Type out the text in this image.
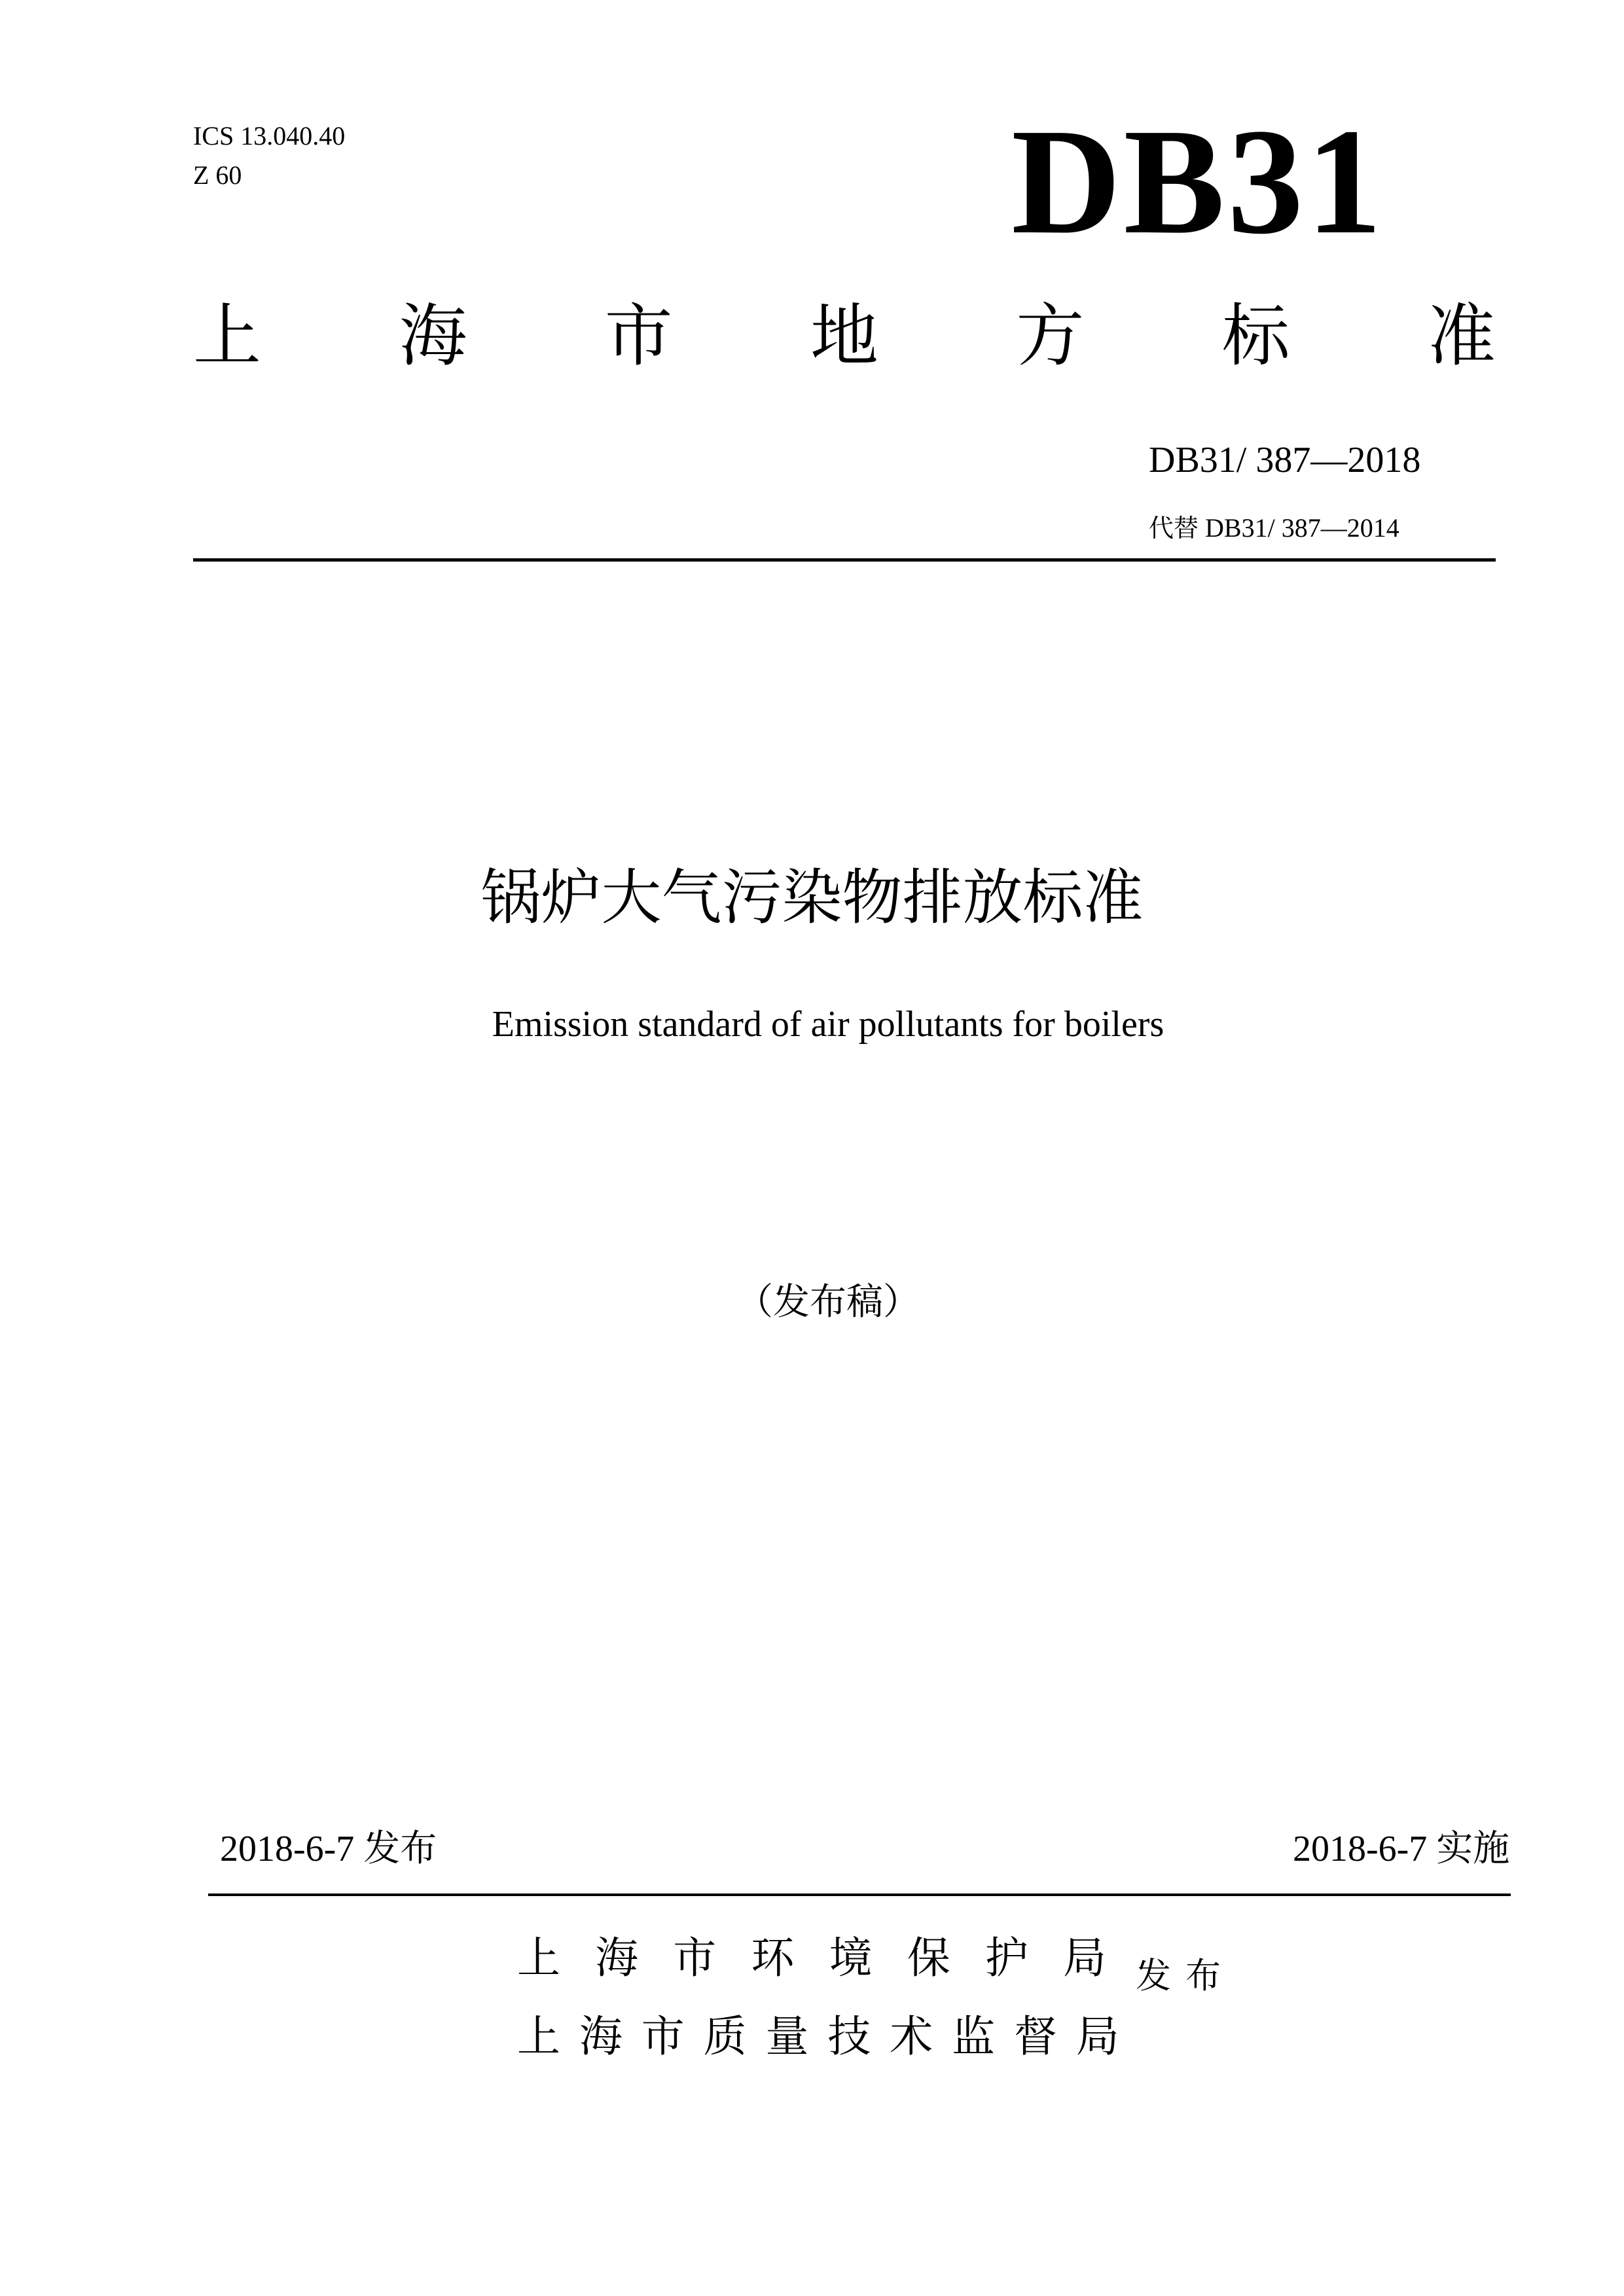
ICS 13.040.40
Z 60	DB31
上 海 市 地 方 标 准
DB31/ 387—2018
代替 DB31/ 387—2014
锅炉大气污染物排放标准
Emission standard of air pollutants for boilers
（发布稿）
2018-6-7 发布	2018-6-7 实施
上 海 市 环 境 保 护 局
上 海 市 质 量 技 术 监 督 局
发 布
